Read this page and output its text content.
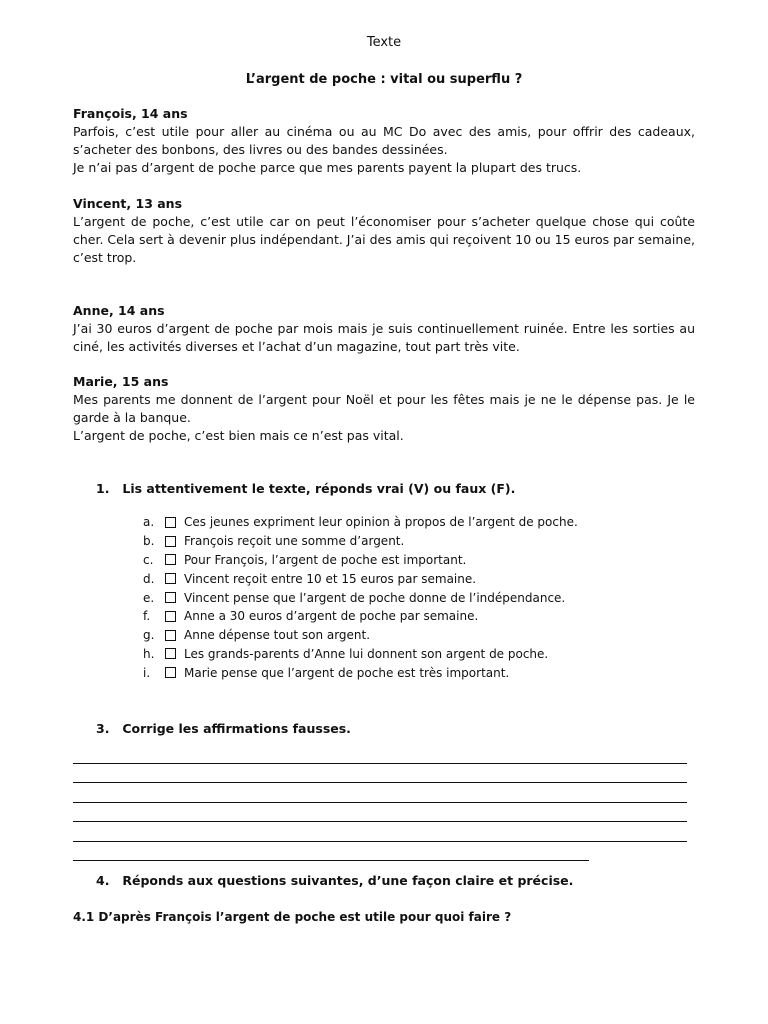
Texte
L’argent de poche : vital ou superflu ?
François, 14 ans

Parfois, c’est utile pour aller au cinéma ou au MC Do avec des amis, pour offrir des cadeaux, s’acheter des bonbons, des livres ou des bandes dessinées.

Je n’ai pas d’argent de poche parce que mes parents payent la plupart des trucs.

Vincent, 13 ans

L’argent de poche, c’est utile car on peut l’économiser pour s’acheter quelque chose qui coûte cher. Cela sert à devenir plus indépendant. J’ai des amis qui reçoivent 10 ou 15 euros par semaine, c’est trop.

Anne, 14 ans

J’ai 30 euros d’argent de poche par mois mais je suis continuellement ruinée. Entre les sorties au ciné, les activités diverses et l’achat d’un magazine, tout part très vite.

Marie, 15 ans

Mes parents me donnent de l’argent pour Noël et pour les fêtes mais je ne le dépense pas. Je le garde à la banque.

L’argent de poche, c’est bien mais ce n’est pas vital.

1. Lis attentivement le texte, réponds vrai (V) ou faux (F).
a.	Ces jeunes expriment leur opinion à propos de l’argent de poche.
b.	François reçoit une somme d’argent.
c.	Pour François, l’argent de poche est important.
d.	Vincent reçoit entre 10 et 15 euros par semaine.
e.	Vincent pense que l’argent de poche donne de l’indépendance.
f.	Anne a 30 euros d’argent de poche par semaine.
g.	Anne dépense tout son argent.
h.	Les grands-parents d’Anne lui donnent son argent de poche.
i.	Marie pense que l’argent de poche est très important.
3. Corrige les affirmations fausses.
4. Réponds aux questions suivantes, d’une façon claire et précise.
4.1 D’après François l’argent de poche est utile pour quoi faire ?
